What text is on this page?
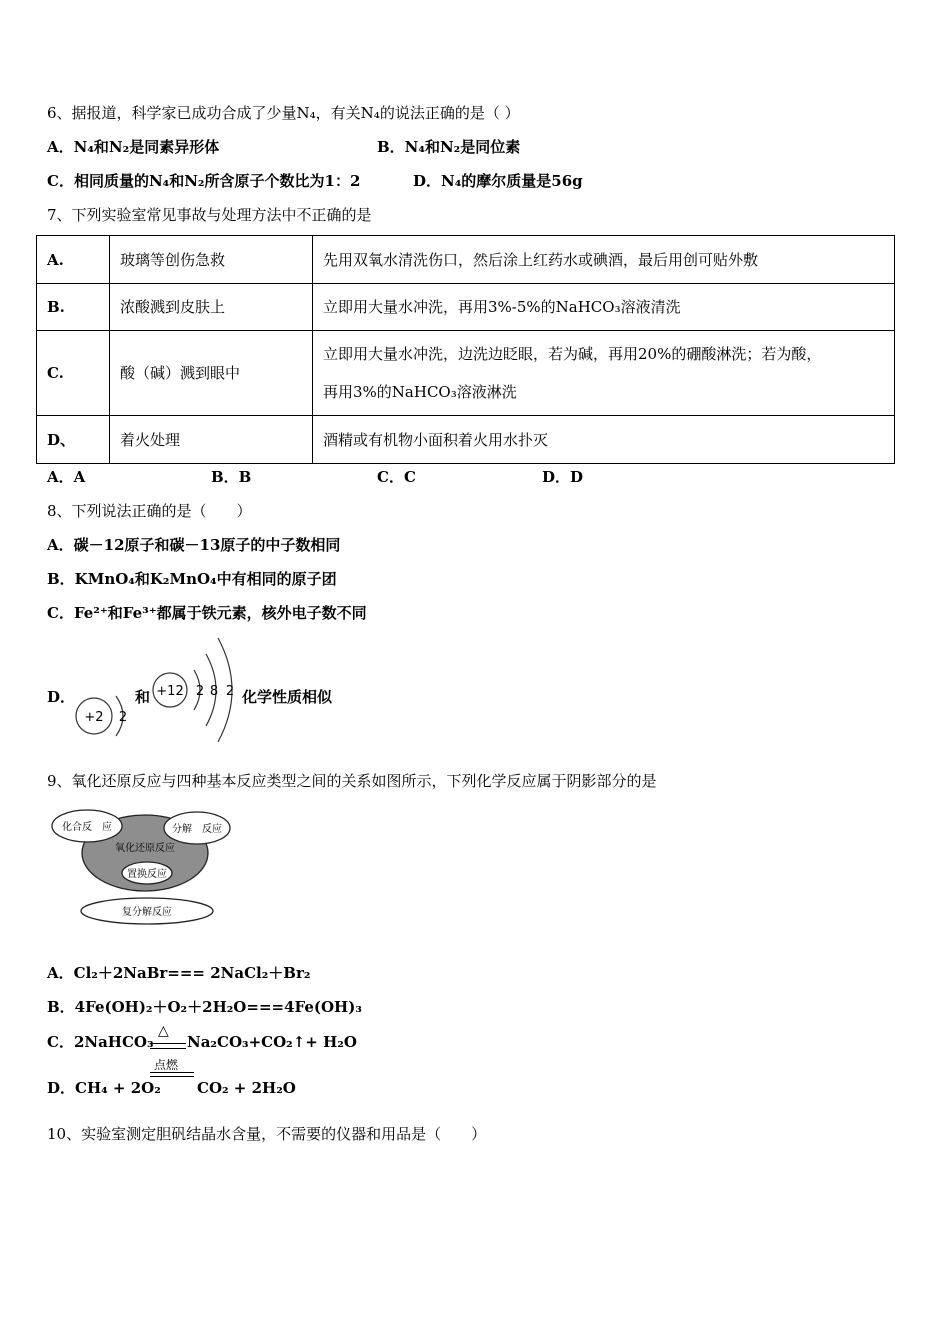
6、据报道，科学家已成功合成了少量N₄，有关N₄的说法正确的是（ ）
A．N₄和N₂是同素异形体	B．N₄和N₂是同位素
C．相同质量的N₄和N₂所含原子个数比为1：2	D．N₄的摩尔质量是56g
7、下列实验室常见事故与处理方法中不正确的是
A.	玻璃等创伤急救	先用双氧水清洗伤口，然后涂上红药水或碘酒，最后用创可贴外敷
B.	浓酸溅到皮肤上	立即用大量水冲洗，再用3%-5%的NaHCO₃溶液清洗
C.	酸（碱）溅到眼中	立即用大量水冲洗，边洗边眨眼，若为碱，再用20%的硼酸淋洗；若为酸，
再用3%的NaHCO₃溶液淋洗

D、	着火处理	酒精或有机物小面积着火用水扑灭
A．A	B．B	C．C	D．D
8、下列说法正确的是（　　）
A．碳－12原子和碳－13原子的中子数相同
B．KMnO₄和K₂MnO₄中有相同的原子团
C．Fe²⁺和Fe³⁺都属于铁元素，核外电子数不同
D．
+2 2
和 +12 2 8 2 化学性质相似
9、氧化还原反应与四种基本反应类型之间的关系如图所示，下列化学反应属于阴影部分的是
化合反　应	分解　反应
氧化还原反应
置换反应
复分解反应
A．Cl₂＋2NaBr=== 2NaCl₂＋Br₂
B．4Fe(OH)₂＋O₂＋2H₂O===4Fe(OH)₃
C．2NaHCO₃
△
Na₂CO₃+CO₂↑+ H₂O
点燃
D．CH₄ + 2O₂ CO₂ + 2H₂O
10、实验室测定胆矾结晶水含量，不需要的仪器和用品是（　　）
